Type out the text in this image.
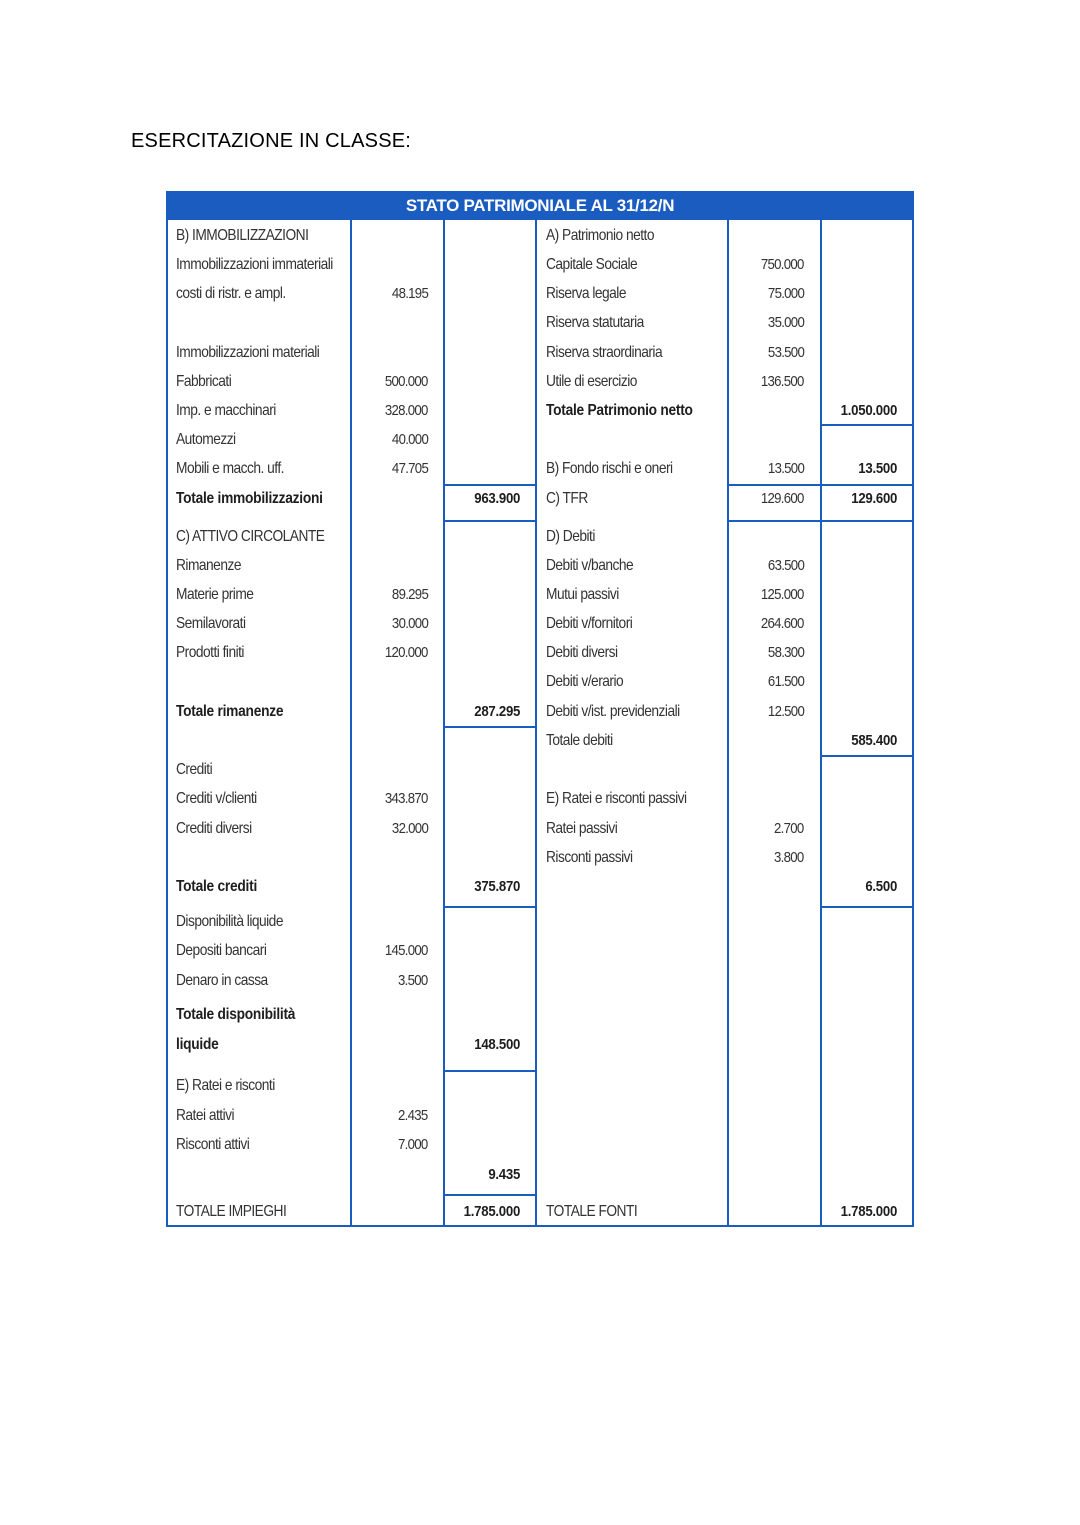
ESERCITAZIONE IN CLASSE:
STATO PATRIMONIALE AL 31/12/N
B) IMMOBILIZZAZIONI
Immobilizzazioni immateriali
costi di ristr. e ampl.	48.195
Immobilizzazioni materiali
Fabbricati	500.000
Imp. e macchinari	328.000
Automezzi	40.000
Mobili e macch. uff.	47.705
Totale immobilizzazioni	963.900
C) ATTIVO CIRCOLANTE
Rimanenze
Materie prime	89.295
Semilavorati	30.000
Prodotti finiti	120.000
Totale rimanenze	287.295
Crediti
Crediti v/clienti	343.870
Crediti diversi	32.000
Totale crediti	375.870
Disponibilità liquide
Depositi bancari	145.000
Denaro in cassa	3.500
Totale disponibilità
liquide	148.500
E) Ratei e risconti
Ratei attivi	2.435
Risconti attivi	7.000
9.435
TOTALE IMPIEGHI	1.785.000
A) Patrimonio netto
Capitale Sociale	750.000
Riserva legale	75.000
Riserva statutaria	35.000
Riserva straordinaria	53.500
Utile di esercizio	136.500
Totale Patrimonio netto	1.050.000
B) Fondo rischi e oneri	13.500	13.500
C) TFR	129.600	129.600
D) Debiti
Debiti v/banche	63.500
Mutui passivi	125.000
Debiti v/fornitori	264.600
Debiti diversi	58.300
Debiti v/erario	61.500
Debiti v/ist. previdenziali	12.500
Totale debiti	585.400
E) Ratei e risconti passivi
Ratei passivi	2.700
Risconti passivi	3.800
6.500
TOTALE FONTI	1.785.000
